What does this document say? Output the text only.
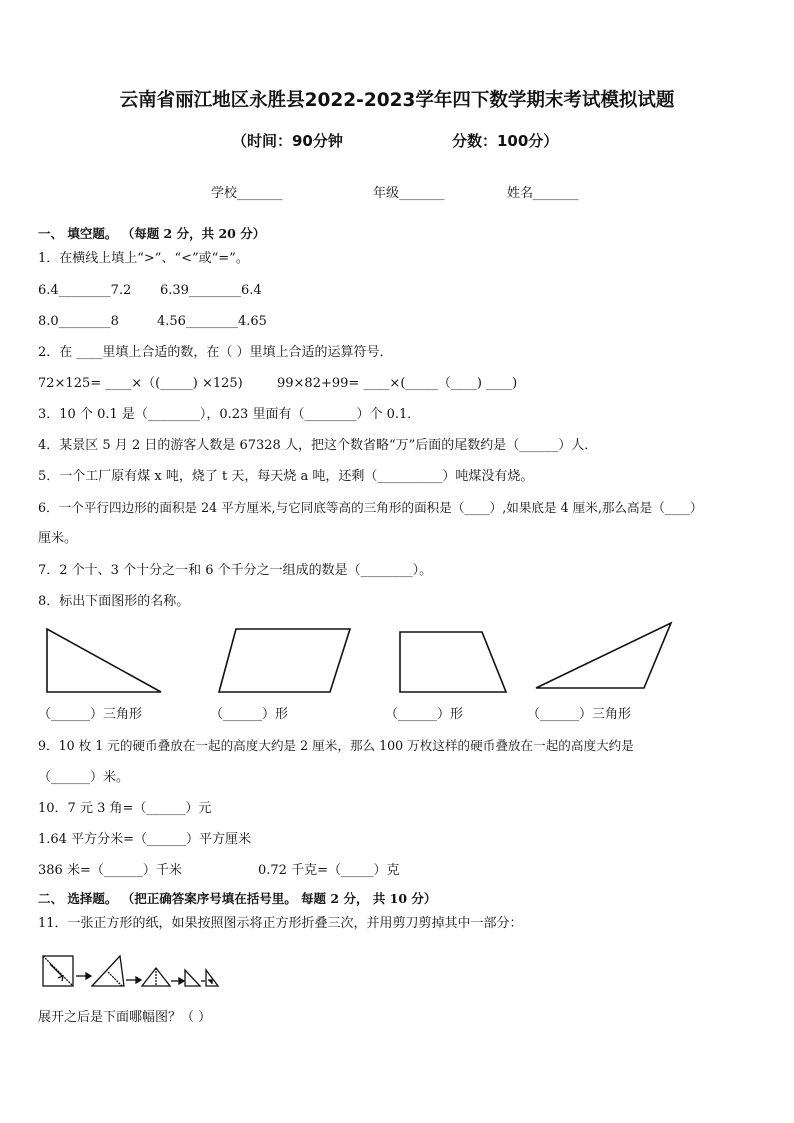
云南省丽江地区永胜县2022-2023学年四下数学期末考试模拟试题
（时间：90分钟	分数：100分）
学校_______	年级_______	姓名_______
一、 填空题。 （每题 2 分，共 20 分）
1．在横线上填上“>”、“<”或“=”。
6.4________7.2 6.39________6.4
8.0________8	4.56________4.65
2．在 ____里填上合适的数，在（ ）里填上合适的运算符号．
72×125= ____×（(_____) ×125)	99×82+99= ____×(_____（____) ____)
3．10 个 0.1 是（________），0.23 里面有（________）个 0.1．
4．某景区 5 月 2 日的游客人数是 67328 人，把这个数省略“万”后面的尾数约是（______）人．
5．一个工厂原有煤 x 吨，烧了 t 天，每天烧 a 吨，还剩（__________）吨煤没有烧。
6．一个平行四边形的面积是 24 平方厘米,与它同底等高的三角形的面积是（____）,如果底是 4 厘米,那么高是（____）
厘米。
7．2 个十、3 个十分之一和 6 个千分之一组成的数是（________）。
8．标出下面图形的名称。
（______）三角形	（______）形	（______）形	（______）三角形
9．10 枚 1 元的硬币叠放在一起的高度大约是 2 厘米，那么 100 万枚这样的硬币叠放在一起的高度大约是
（______）米。
10．7 元 3 角=（______）元
1.64 平方分米=（______）平方厘米
386 米=（______）千米	0.72 千克=（_____）克
二、 选择题。 （把正确答案序号填在括号里。 每题 2 分， 共 10 分）
11．一张正方形的纸，如果按照图示将正方形折叠三次，并用剪刀剪掉其中一部分：
展开之后是下面哪幅图？（ ）
